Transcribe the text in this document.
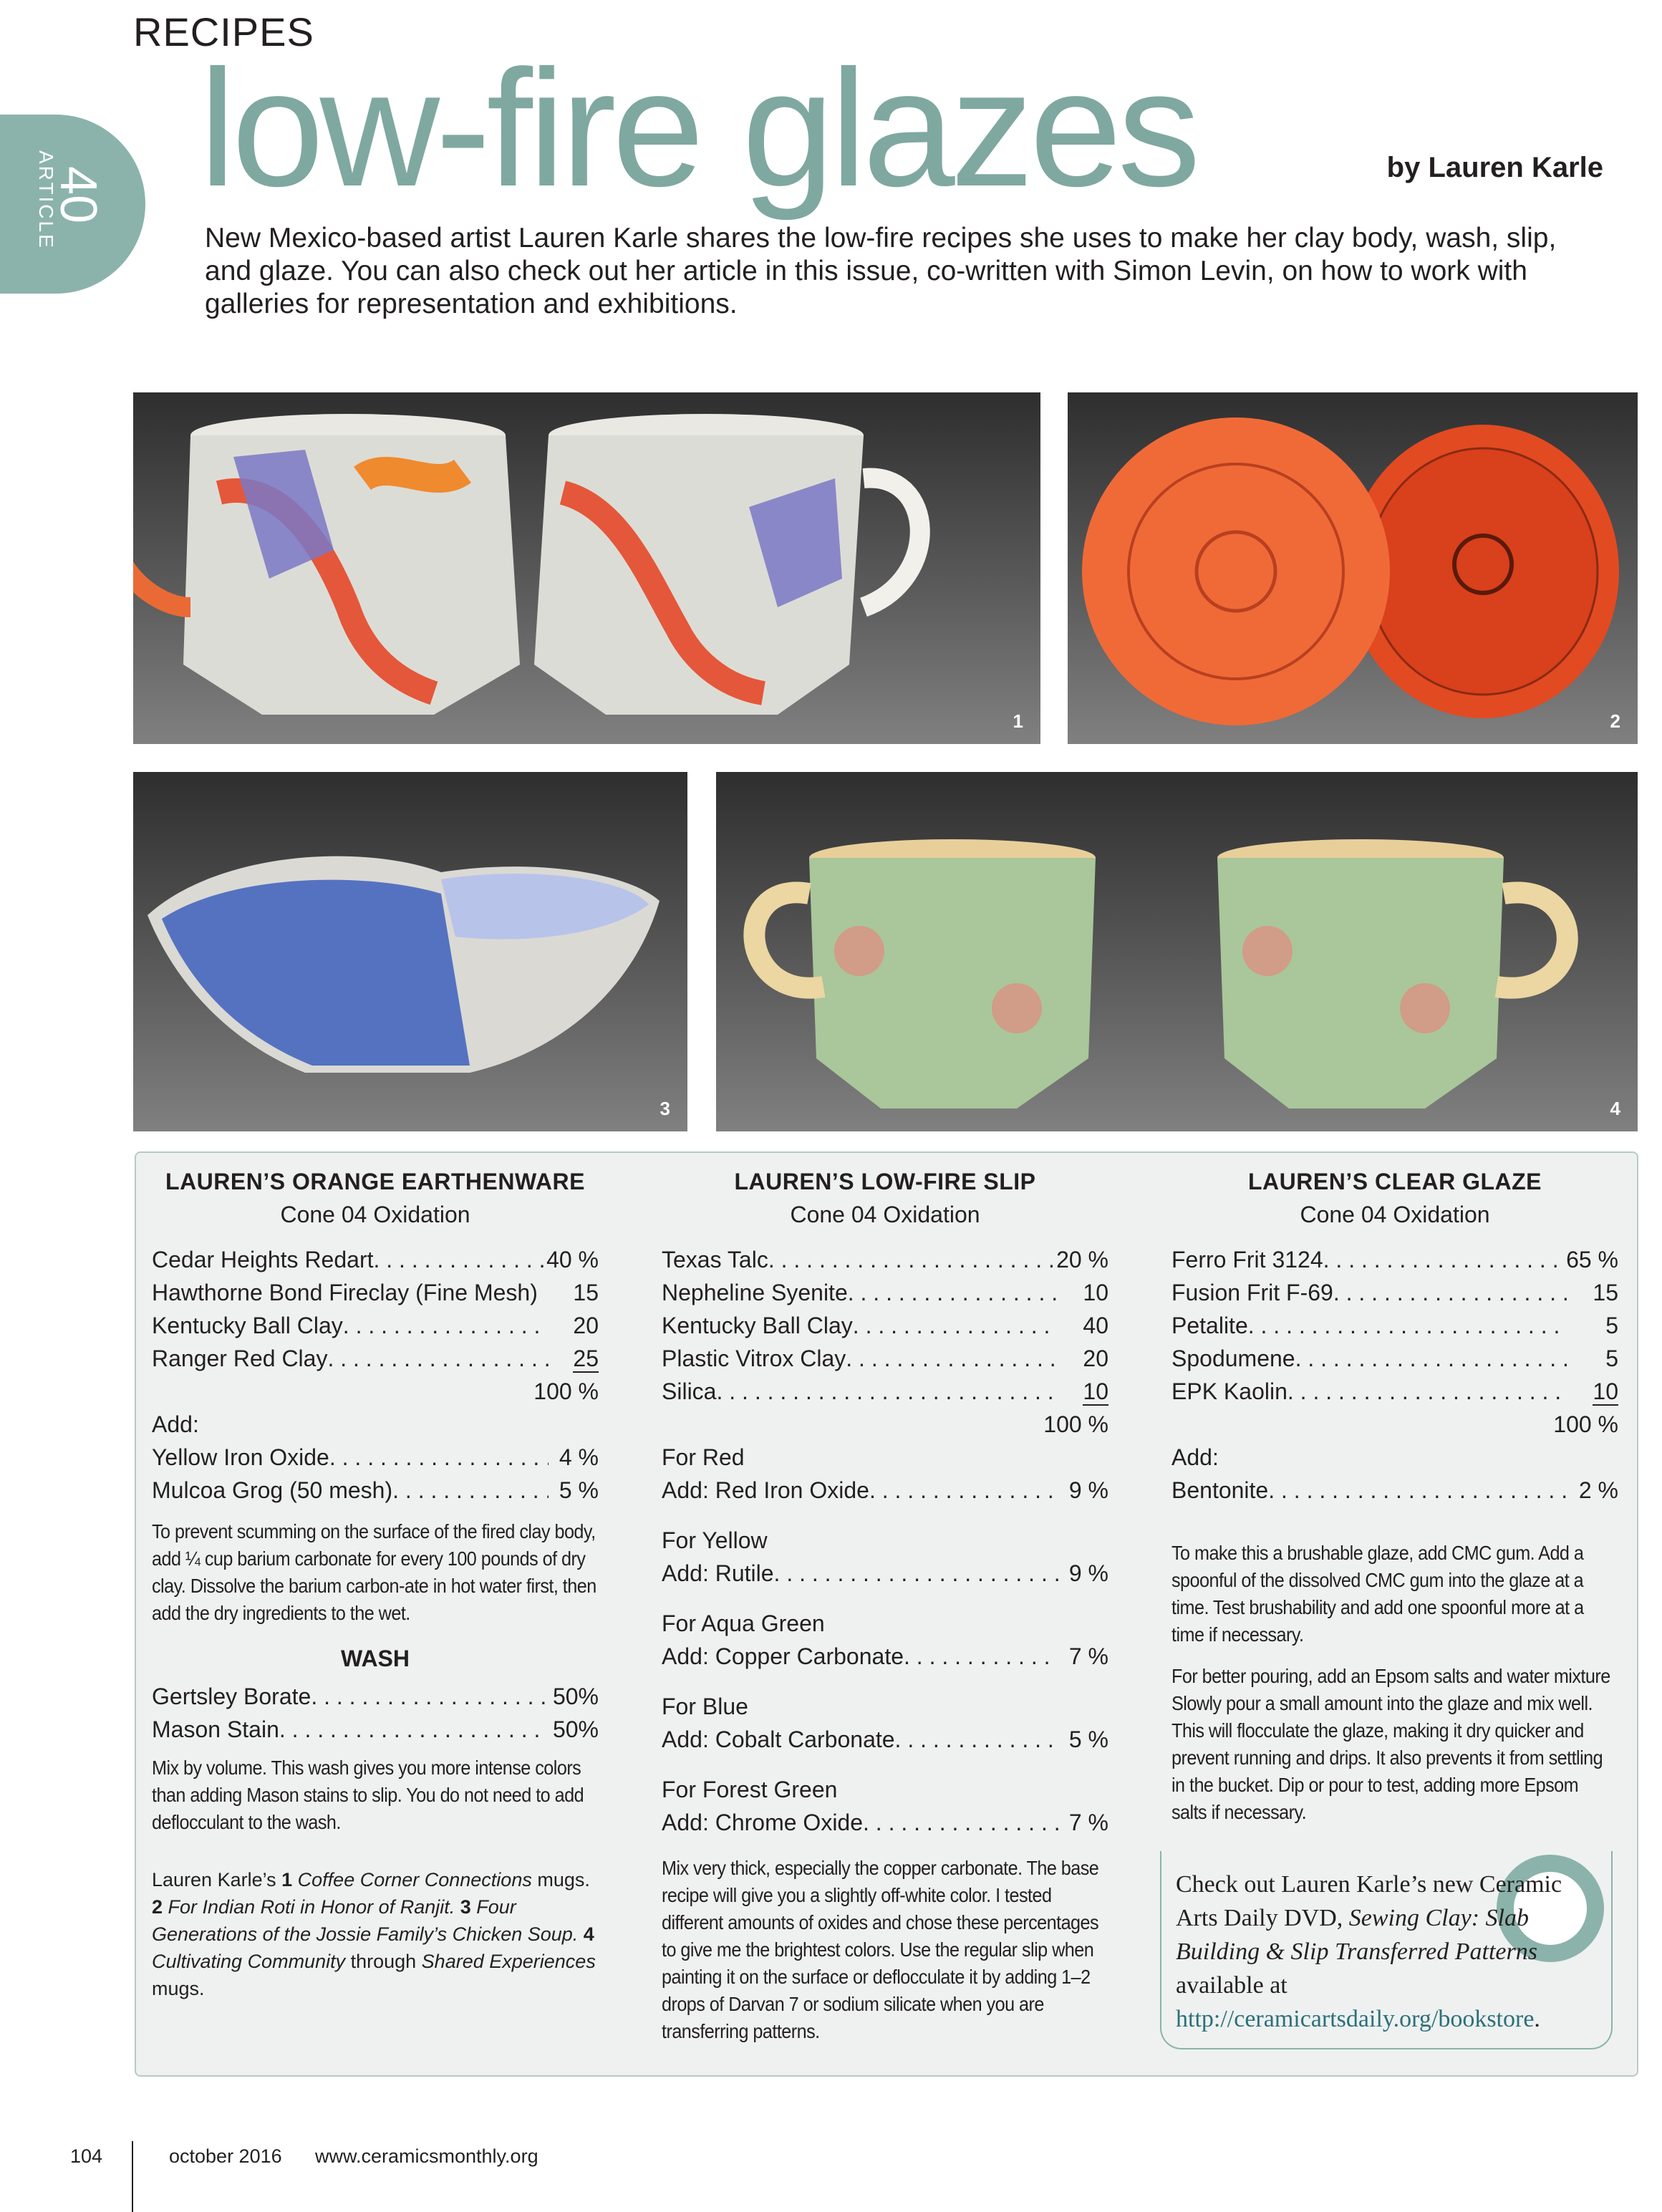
RECIPES
low-fire glazes	by Lauren Karle
40
ARTICLE	New Mexico-based artist Lauren Karle shares the low-fire recipes she uses to make her clay body, wash, slip, and glaze. You can also check out her article in this issue, co-written with Simon Levin, on how to work with galleries for representation and exhibitions.
1	2
3	4
LAUREN’S ORANGE EARTHENWARE
Cone 04 Oxidation
Cedar Heights Redart . . .	40 %
Hawthorne Bond Fireclay (Fine Mesh)	15
Kentucky Ball Clay . . .	20
Ranger Red Clay . . .	25
100 %
Add:
Yellow Iron Oxide . . .	4 %
Mulcoa Grog (50 mesh) . . .	5 %
To prevent scumming on the surface of the fired clay body, add ¼ cup barium carbonate for every 100 pounds of dry clay. Dissolve the barium carbon-ate in hot water first, then add the dry ingredients to the wet.
WASH
Gertsley Borate . . .	50%
Mason Stain . . .	50%
Mix by volume. This wash gives you more intense colors than adding Mason stains to slip. You do not need to add deflocculant to the wash.
Lauren Karle’s 1 Coffee Corner Connections mugs. 2 For Indian Roti in Honor of Ranjit. 3 Four Generations of the Jossie Family’s Chicken Soup. 4 Cultivating Community through Shared Experiences mugs.
LAUREN’S LOW-FIRE SLIP
Cone 04 Oxidation
Texas Talc . . .	20 %
Nepheline Syenite . . .	10
Kentucky Ball Clay . . .	40
Plastic Vitrox Clay . . .	20
Silica . . .	10
100 %
For Red
Add: Red Iron Oxide . . .	9 %
For Yellow
Add: Rutile . . .	9 %
For Aqua Green
Add: Copper Carbonate . . .	7 %
For Blue
Add: Cobalt Carbonate . . .	5 %
For Forest Green
Add: Chrome Oxide . . .	7 %
Mix very thick, especially the copper carbonate. The base recipe will give you a slightly off-white color. I tested different amounts of oxides and chose these percentages to give me the brightest colors. Use the regular slip when painting it on the surface or deflocculate it by adding 1–2 drops of Darvan 7 or sodium silicate when you are transferring patterns.
LAUREN’S CLEAR GLAZE
Cone 04 Oxidation
Ferro Frit 3124 . . .	65 %
Fusion Frit F-69 . . .	15
Petalite . . .	5
Spodumene . . .	5
EPK Kaolin . . .	10
100 %
Add:
Bentonite . . .	2 %
To make this a brushable glaze, add CMC gum. Add a spoonful of the dissolved CMC gum into the glaze at a time. Test brushability and add one spoonful more at a time if necessary.
For better pouring, add an Epsom salts and water mixture Slowly pour a small amount into the glaze and mix well. This will flocculate the glaze, making it dry quicker and prevent running and drips. It also prevents it from settling in the bucket. Dip or pour to test, adding more Epsom salts if necessary.
Check out Lauren Karle’s new Ceramic Arts Daily DVD, Sewing Clay: Slab Building & Slip Transferred Patterns available at http://ceramicartsdaily.org/bookstore.
104	october 2016 www.ceramicsmonthly.org
